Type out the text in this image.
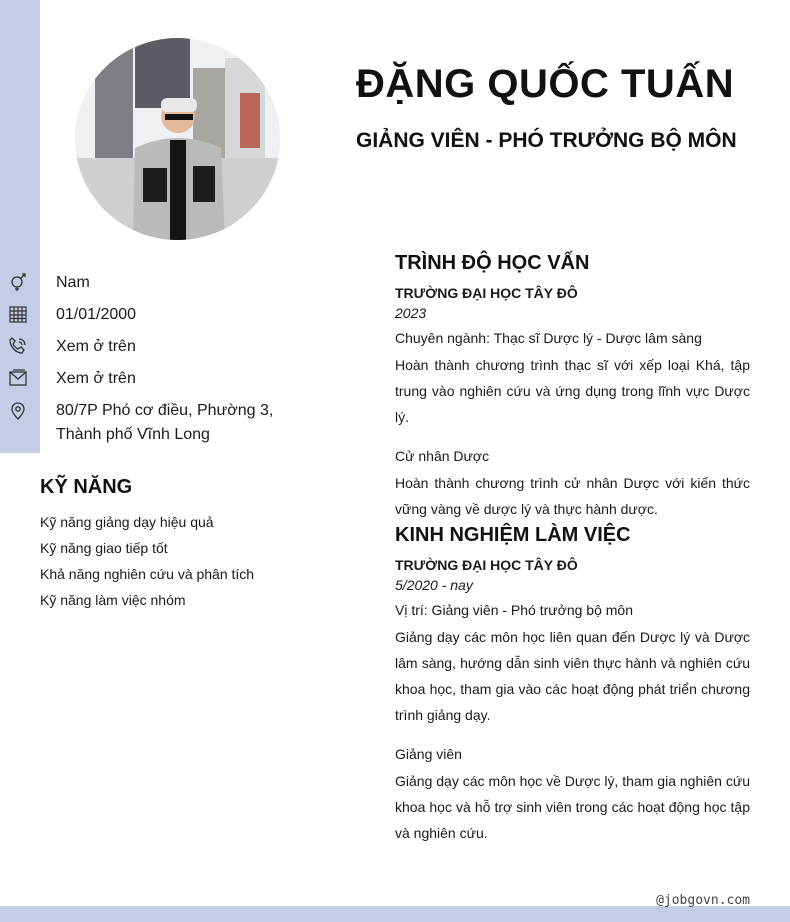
ĐẶNG QUỐC TUẤN
GIẢNG VIÊN - PHÓ TRƯỞNG BỘ MÔN
Nam
01/01/2000
Xem ở trên
Xem ở trên
80/7P Phó cơ điều, Phường 3, Thành phố Vĩnh Long
KỸ NĂNG
Kỹ năng giảng dạy hiệu quả
Kỹ năng giao tiếp tốt
Khả năng nghiên cứu và phân tích
Kỹ năng làm việc nhóm
TRÌNH ĐỘ HỌC VẤN
TRƯỜNG ĐẠI HỌC TÂY ĐÔ
2023
Chuyên ngành: Thạc sĩ Dược lý - Dược lâm sàng

Hoàn thành chương trình thạc sĩ với xếp loại Khá, tập trung vào nghiên cứu và ứng dụng trong lĩnh vực Dược lý.

Cử nhân Dược

Hoàn thành chương trình cử nhân Dược với kiến thức vững vàng về dược lý và thực hành dược.

KINH NGHIỆM LÀM VIỆC
TRƯỜNG ĐẠI HỌC TÂY ĐÔ
5/2020 - nay
Vị trí: Giảng viên - Phó trưởng bộ môn

Giảng dạy các môn học liên quan đến Dược lý và Dược lâm sàng, hướng dẫn sinh viên thực hành và nghiên cứu khoa học, tham gia vào các hoạt động phát triển chương trình giảng dạy.

Giảng viên

Giảng dạy các môn học về Dược lý, tham gia nghiên cứu khoa học và hỗ trợ sinh viên trong các hoạt động học tập và nghiên cứu.

@jobgovn.com
